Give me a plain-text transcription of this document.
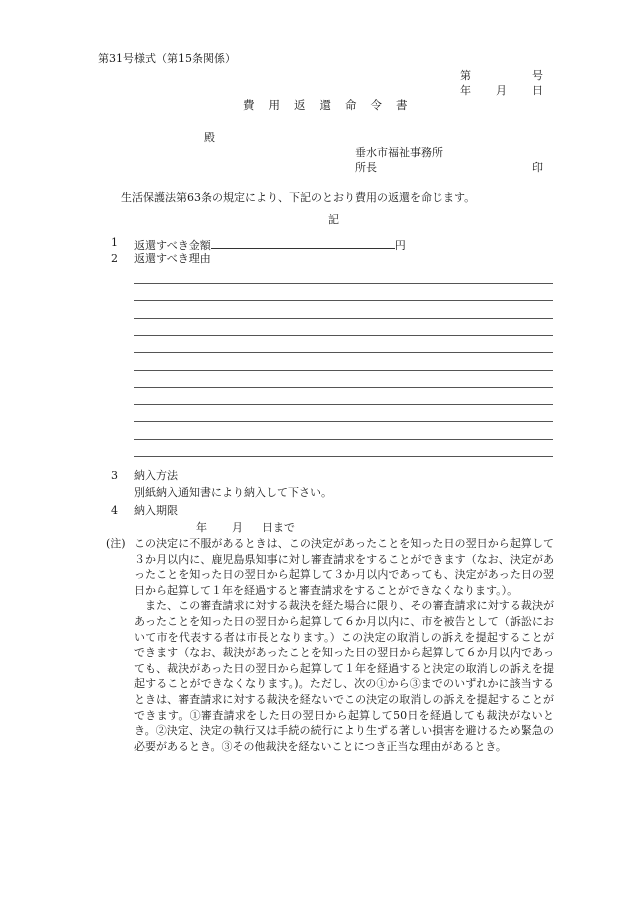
第31号様式（第15条関係）
第	号
年 月 日
費用返還命令書
殿
垂水市福祉事務所
所長	印
生活保護法第63条の規定により、下記のとおり費用の返還を命じます。
記
1 返還すべき金額	円
2 返還すべき理由
3 納入方法
別紙納入通知書により納入して下さい。
4 納入期限
年 月 日まで
(注) この決定に不服があるときは、この決定があったことを知った日の翌日から起算して３か月以内に、鹿児島県知事に対し審査請求をすることができます（なお、決定があったことを知った日の翌日から起算して３か月以内であっても、決定があった日の翌日から起算して１年を経過すると審査請求をすることができなくなります。）。

また、この審査請求に対する裁決を経た場合に限り、その審査請求に対する裁決があったことを知った日の翌日から起算して６か月以内に、市を被告として（訴訟において市を代表する者は市長となります。）この決定の取消しの訴えを提起することができます（なお、裁決があったことを知った日の翌日から起算して６か月以内であっても、裁決があった日の翌日から起算して１年を経過すると決定の取消しの訴えを提起することができなくなります。)。ただし、次の①から③までのいずれかに該当するときは、審査請求に対する裁決を経ないでこの決定の取消しの訴えを提起することができます。①審査請求をした日の翌日から起算して50日を経過しても裁決がないとき。②決定、決定の執行又は手続の続行により生ずる著しい損害を避けるため緊急の必要があるとき。③その他裁決を経ないことにつき正当な理由があるとき。
